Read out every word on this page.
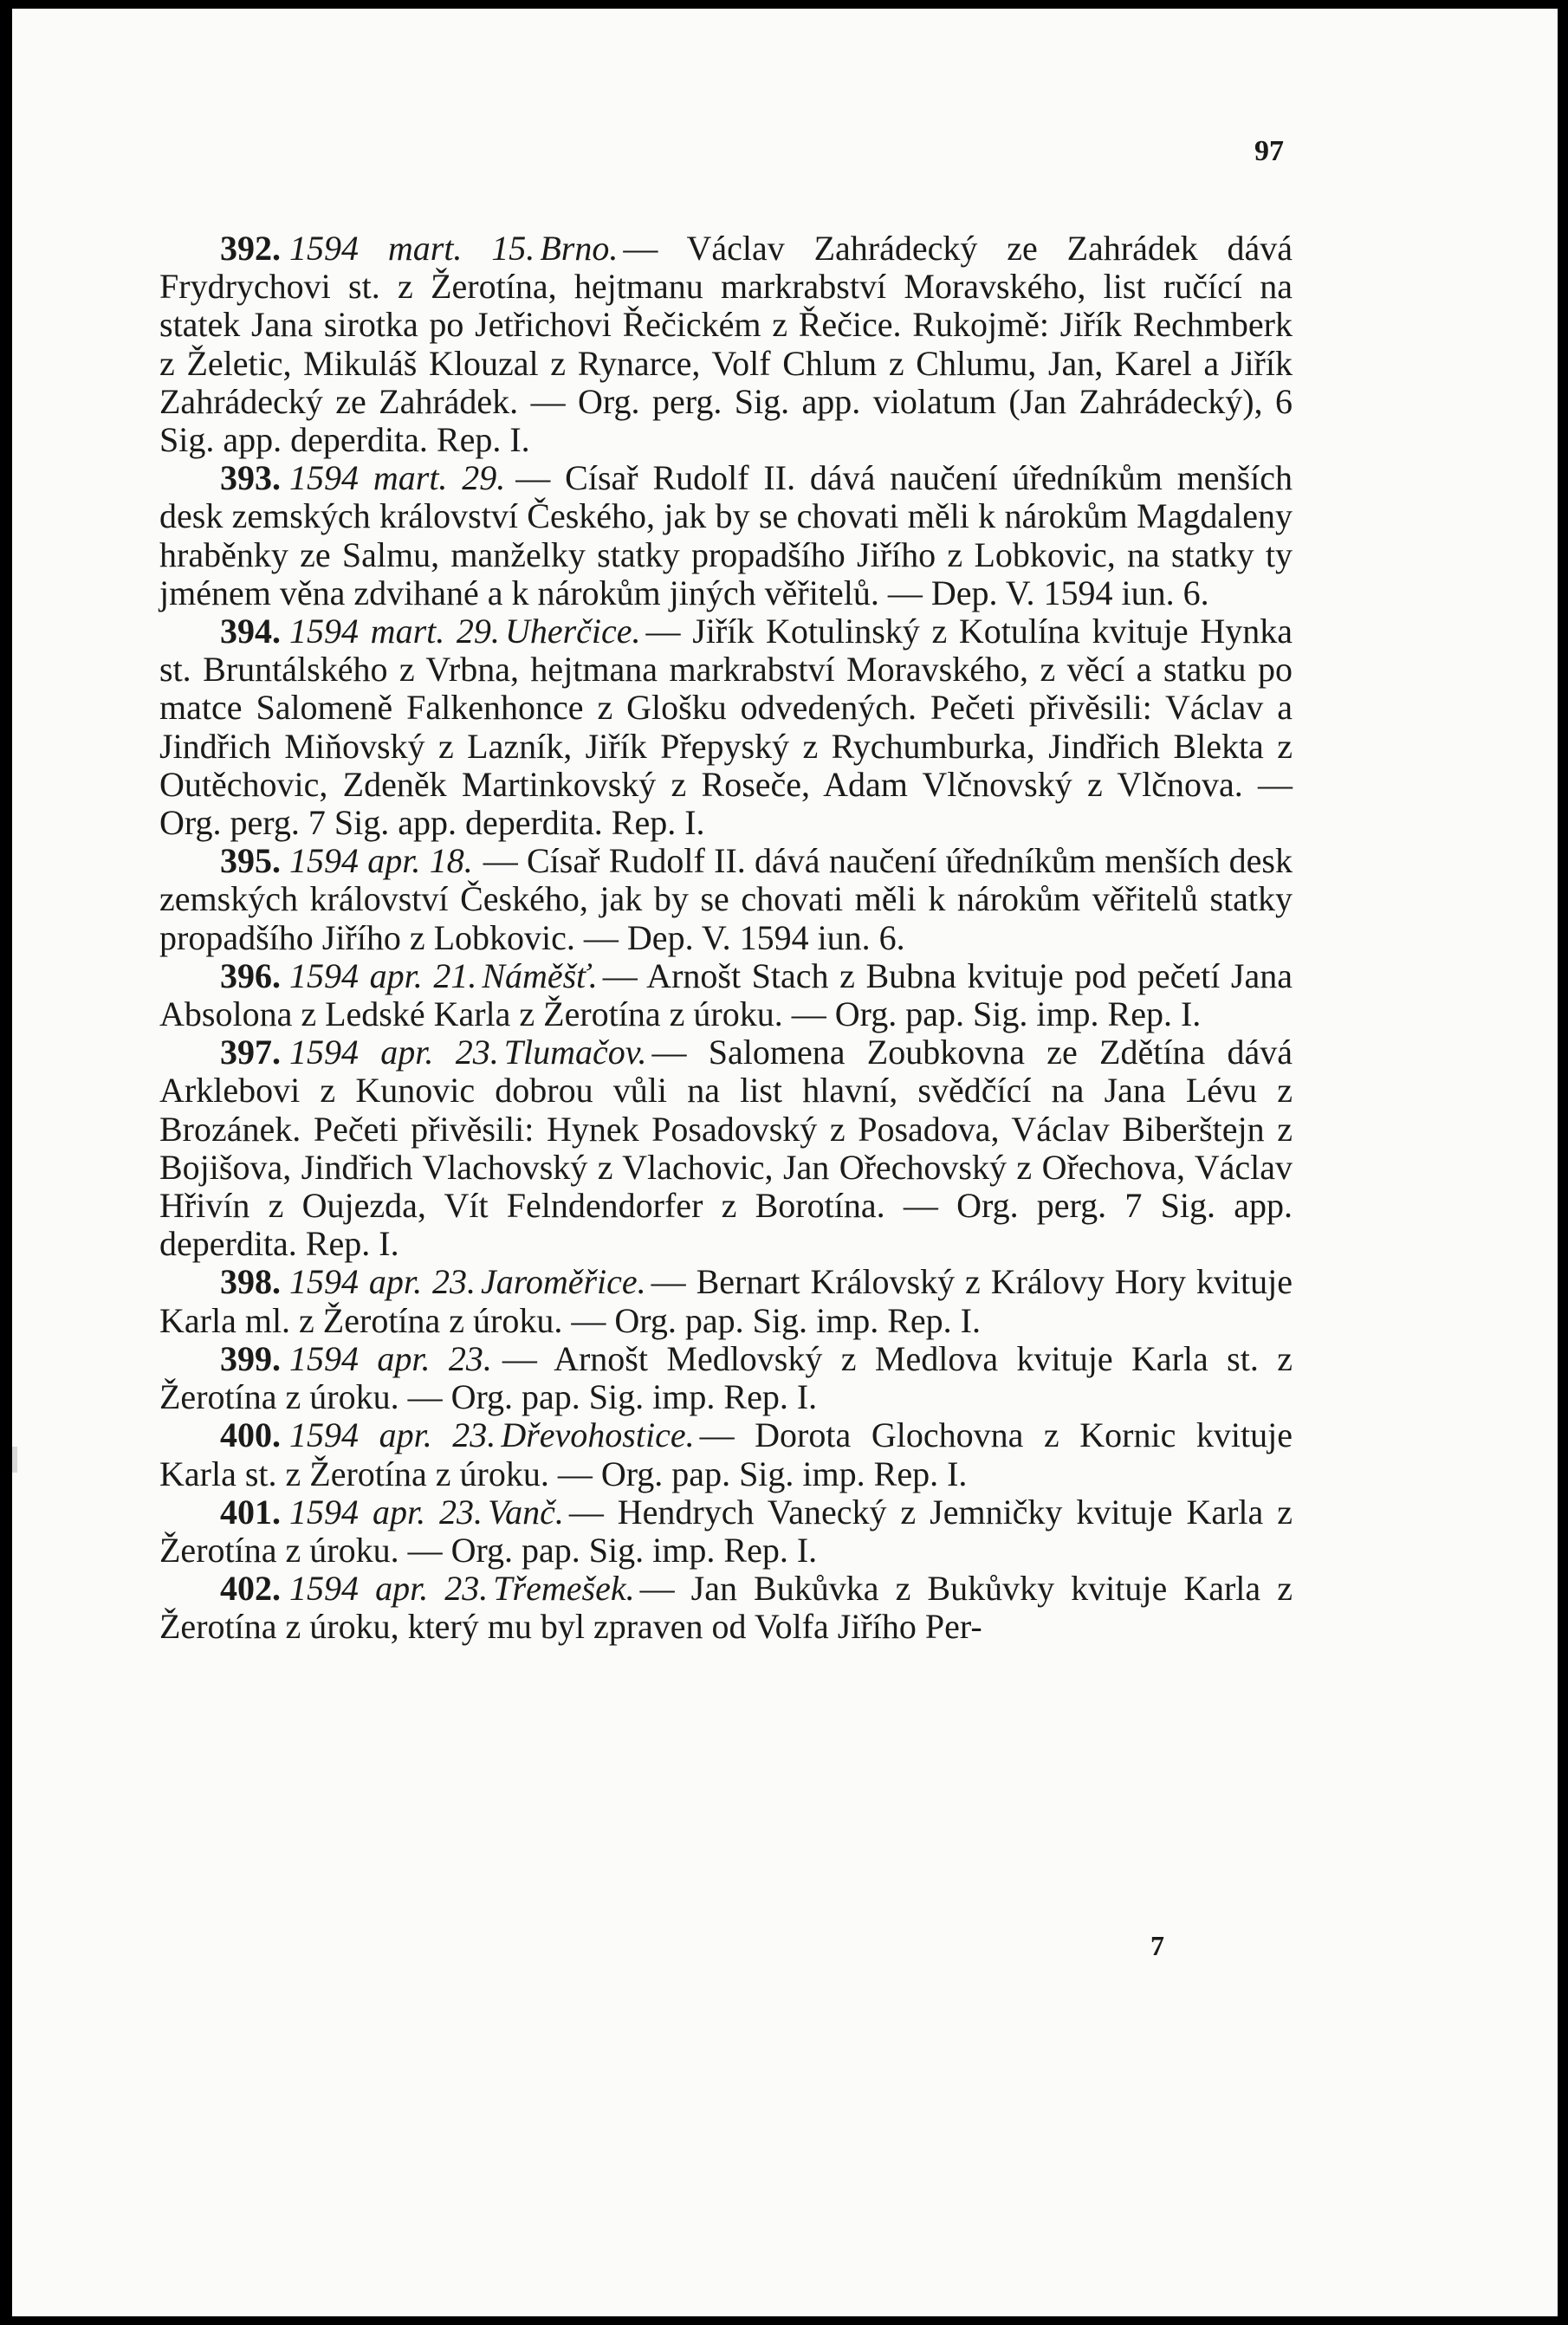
97

392. 1594 mart. 15. Brno. — Václav Zahrádecký ze Zahrádek dává Frydrychovi st. z Žerotína, hejtmanu markrabství Moravského, list ručící na statek Jana sirotka po Jetřichovi Řečickém z Řečice. Rukojmě: Jiřík Rechmberk z Želetic, Mikuláš Klouzal z Rynarce, Volf Chlum z Chlumu, Jan, Karel a Jiřík Zahrádecký ze Zahrádek. — Org. perg. Sig. app. violatum (Jan Zahrádecký), 6 Sig. app. deperdita. Rep. I.

393. 1594 mart. 29. — Císař Rudolf II. dává naučení úředníkům menších desk zemských království Českého, jak by se chovati měli k nárokům Magdaleny hraběnky ze Salmu, manželky statky propadšího Jiřího z Lobkovic, na statky ty jménem věna zdvihané a k nárokům jiných věřitelů. — Dep. V. 1594 iun. 6.

394. 1594 mart. 29. Uherčice. — Jiřík Kotulinský z Kotulína kvituje Hynka st. Bruntálského z Vrbna, hejtmana markrabství Moravského, z věcí a statku po matce Salomeně Falkenhonce z Glošku odvedených. Pečeti přivěsili: Václav a Jindřich Miňovský z Lazník, Jiřík Přepyský z Rychumburka, Jindřich Blekta z Outěchovic, Zdeněk Martinkovský z Roseče, Adam Vlčnovský z Vlčnova. — Org. perg. 7 Sig. app. deperdita. Rep. I.

395. 1594 apr. 18. — Císař Rudolf II. dává naučení úředníkům menších desk zemských království Českého, jak by se chovati měli k nárokům věřitelů statky propadšího Jiřího z Lobkovic. — Dep. V. 1594 iun. 6.

396. 1594 apr. 21. Náměšť. — Arnošt Stach z Bubna kvituje pod pečetí Jana Absolona z Ledské Karla z Žerotína z úroku. — Org. pap. Sig. imp. Rep. I.

397. 1594 apr. 23. Tlumačov. — Salomena Zoubkovna ze Zdětína dává Arklebovi z Kunovic dobrou vůli na list hlavní, svědčící na Jana Lévu z Brozánek. Pečeti přivěsili: Hynek Posadovský z Posadova, Václav Biberštejn z Bojišova, Jindřich Vlachovský z Vlachovic, Jan Ořechovský z Ořechova, Václav Hřivín z Oujezda, Vít Felndendorfer z Borotína. — Org. perg. 7 Sig. app. deperdita. Rep. I.

398. 1594 apr. 23. Jaroměřice. — Bernart Královský z Královy Hory kvituje Karla ml. z Žerotína z úroku. — Org. pap. Sig. imp. Rep. I.

399. 1594 apr. 23. — Arnošt Medlovský z Medlova kvituje Karla st. z Žerotína z úroku. — Org. pap. Sig. imp. Rep. I.

400. 1594 apr. 23. Dřevohostice. — Dorota Glochovna z Kornic kvituje Karla st. z Žerotína z úroku. — Org. pap. Sig. imp. Rep. I.

401. 1594 apr. 23. Vanč. — Hendrych Vanecký z Jemničky kvituje Karla z Žerotína z úroku. — Org. pap. Sig. imp. Rep. I.

402. 1594 apr. 23. Třemešek. — Jan Bukůvka z Bukůvky kvituje Karla z Žerotína z úroku, který mu byl zpraven od Volfa Jiřího Per-

7
